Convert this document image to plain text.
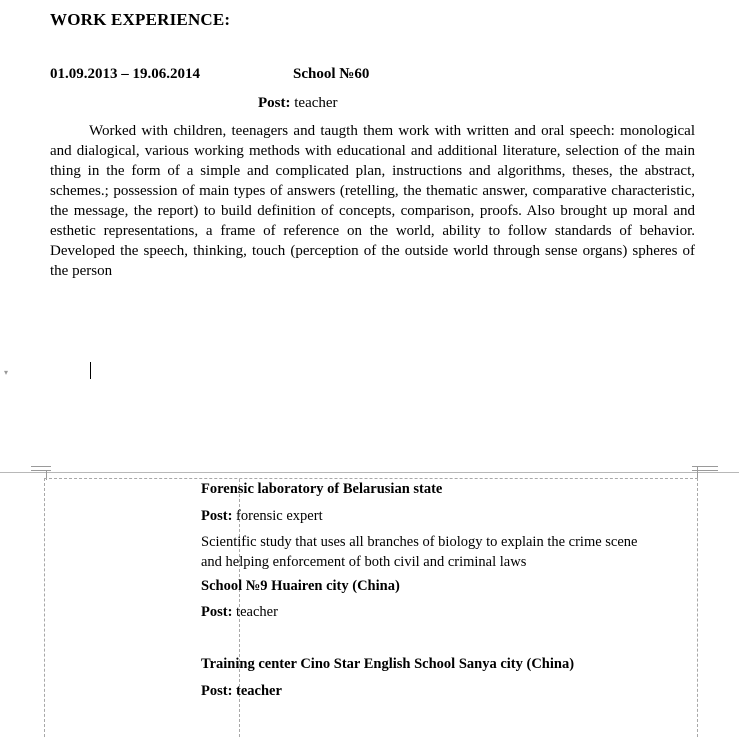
WORK EXPERIENCE:
01.09.2013 – 19.06.2014	School №60
Post: teacher

Worked with children, teenagers and taugth them work with written and oral speech: monological and dialogical, various working methods with educational and additional literature, selection of the main thing in the form of a simple and complicated plan, instructions and algorithms, theses, the abstract, schemes.; possession of main types of answers (retelling, the thematic answer, comparative characteristic, the message, the report) to build definition of concepts, comparison, proofs. Also brought up moral and esthetic representations, a frame of reference on the world, ability to follow standards of behavior. Developed the speech, thinking, touch (perception of the outside world through sense organs) spheres of the person

▾
Forensic laboratory of Belarusian state
Post: forensic expert
Scientific study that uses all branches of biology to explain the crime scene and helping enforcement of both civil and criminal laws
School №9 Huairen city (China)
Post: teacher
Training center Cino Star English School Sanya city (China)
Post: teacher
